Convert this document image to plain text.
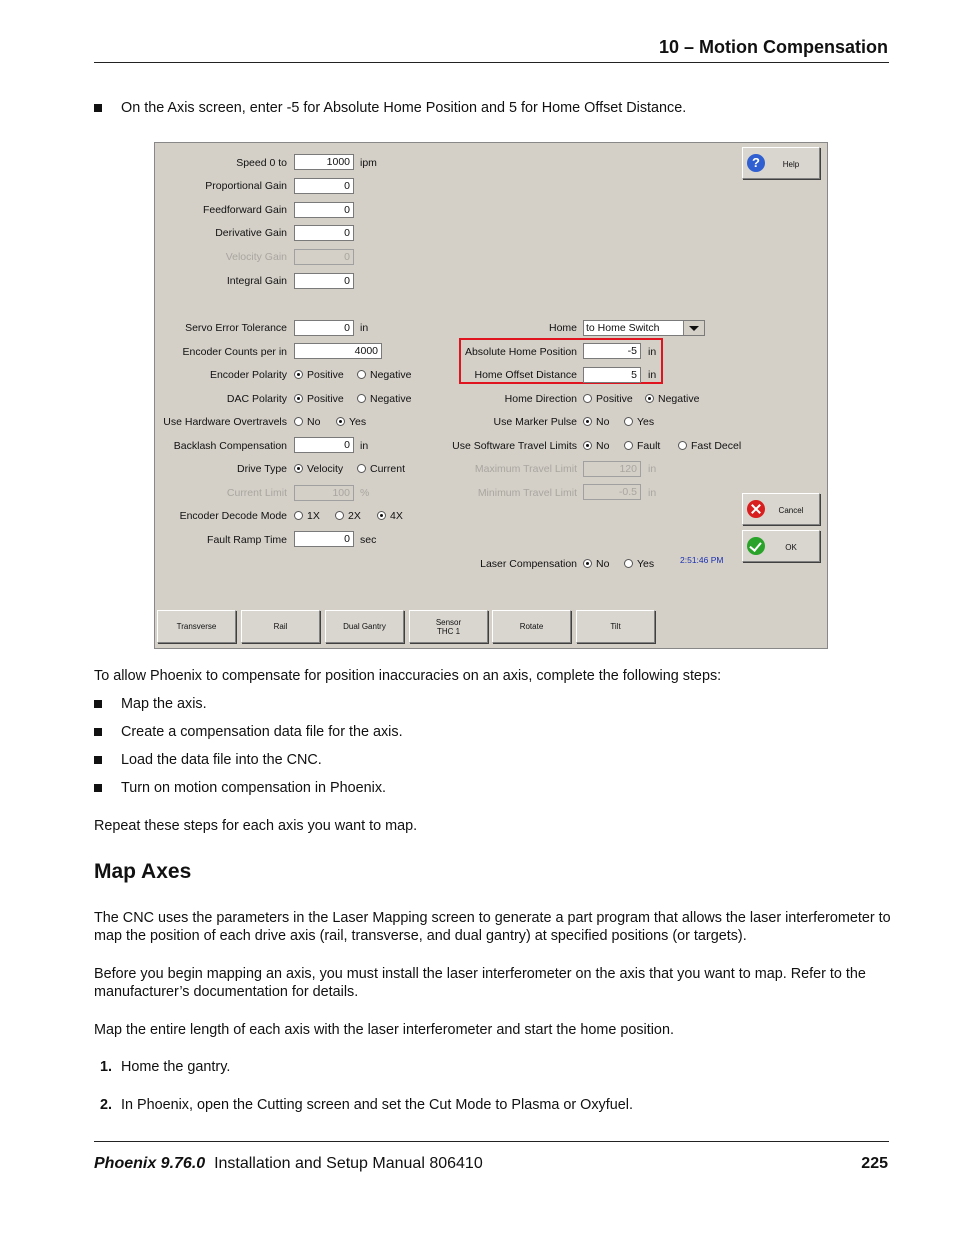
10 – Motion Compensation
On the Axis screen, enter -5 for Absolute Home Position and 5 for Home Offset Distance.
Speed 0 to	1000 ipm
Proportional Gain	0
Feedforward Gain	0
Derivative Gain	0
Velocity Gain	0
Integral Gain	0
Servo Error Tolerance	0 in
Encoder Counts per in	4000
Encoder Polarity	Positive	Negative
DAC Polarity	Positive	Negative
Use Hardware Overtravels	No	Yes
Backlash Compensation	0 in
Drive Type	Velocity	Current
Current Limit	100 %
Encoder Decode Mode	1X	2X	4X
Fault Ramp Time	0 sec
Home to Home Switch
Absolute Home Position	-5	in
Home Offset Distance	5	in
Home Direction	Positive	Negative
Use Marker Pulse	No	Yes
Use Software Travel Limits	No	Fault	Fast Decel
Maximum Travel Limit	120	in
Minimum Travel Limit	-0.5	in
Laser Compensation	No	Yes	2:51:46 PM
?	Help
Cancel
OK
Transverse	Rail	Dual Gantry	Sensor THC 1	Rotate	Tilt
To allow Phoenix to compensate for position inaccuracies on an axis, complete the following steps:
Map the axis.
Create a compensation data file for the axis.
Load the data file into the CNC.
Turn on motion compensation in Phoenix.
Repeat these steps for each axis you want to map.
Map Axes
The CNC uses the parameters in the Laser Mapping screen to generate a part program that allows the laser interferometer to map the position of each drive axis (rail, transverse, and dual gantry) at specified positions (or targets).
Before you begin mapping an axis, you must install the laser interferometer on the axis that you want to map. Refer to the manufacturer’s documentation for details.
Map the entire length of each axis with the laser interferometer and start the home position.
1. Home the gantry.
2. In Phoenix, open the Cutting screen and set the Cut Mode to Plasma or Oxyfuel.
Phoenix 9.76.0 Installation and Setup Manual 806410	225
